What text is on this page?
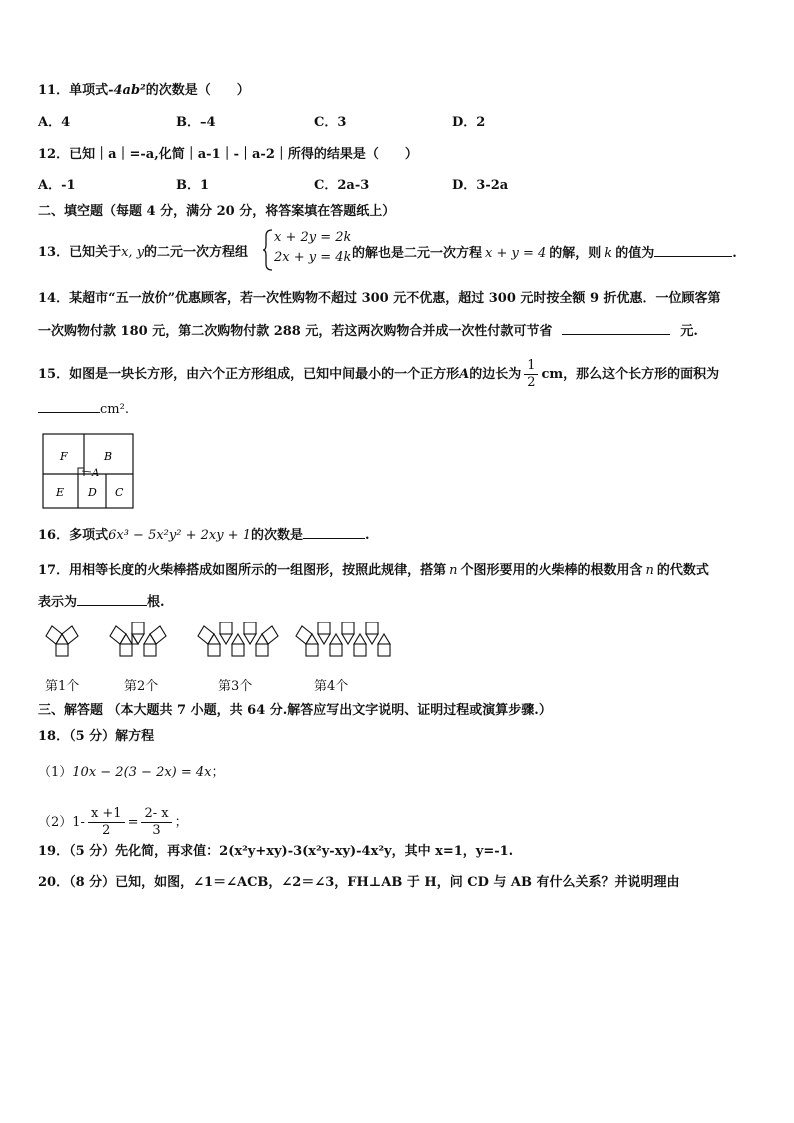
11．单项式-4ab²的次数是（　　）
A．4	B．–4	C．3	D．2
12．已知｜a｜=-a,化简｜a-1｜-｜a-2｜所得的结果是（　　）
A．-1	B．1	C．2a-3	D．3-2a
二、填空题（每题 4 分，满分 20 分，将答案填在答题纸上）
13．已知关于x, y的二元一次方程组
x + 2y = 2k
2x + y = 4k 的解也是二元一次方程 x + y = 4 的解，则 k 的值为	.
14．某超市“五一放价”优惠顾客，若一次性购物不超过 300 元不优惠，超过 300 元时按全额 9 折优惠．一位顾客第
一次购物付款 180 元，第二次购物付款 288 元，若这两次购物合并成一次性付款可节省	元.
15．如图是一块长方形，由六个正方形组成，已知中间最小的一个正方形A的边长为 $\frac{1}{2}$ cm，那么这个长方形的面积为
cm².
F	B
A
E D C
16．多项式6x³ − 5x²y² + 2xy + 1的次数是	.
17．用相等长度的火柴棒搭成如图所示的一组图形，按照此规律，搭第 n 个图形要用的火柴棒的根数用含 n 的代数式
表示为	根.
第1个	第2个	第3个	第4个
三、解答题 （本大题共 7 小题，共 64 分.解答应写出文字说明、证明过程或演算步骤.）
18．（5 分）解方程
（1）10x − 2(3 − 2x) = 4x；
$(2)1- \frac{x +1}{2} = \frac{2- x}{3}$ ；
19．（5 分）先化简，再求值：2(x²y+xy)-3(x²y-xy)-4x²y，其中 x=1，y=-1.
20．（8 分）已知，如图，∠1＝∠ACB，∠2＝∠3，FH⊥AB 于 H，问 CD 与 AB 有什么关系？并说明理由
